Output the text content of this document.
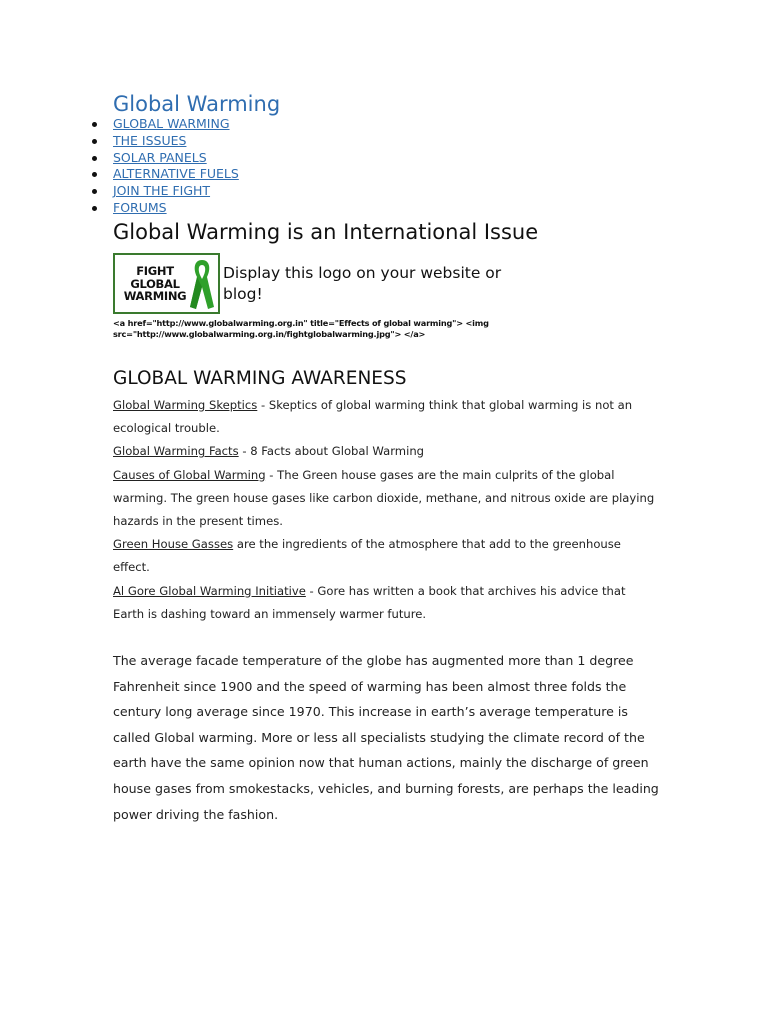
Global Warming
GLOBAL WARMING
THE ISSUES
SOLAR PANELS
ALTERNATIVE FUELS
JOIN THE FIGHT
FORUMS
Global Warming is an International Issue
FIGHT
GLOBAL
WARMING
Display this logo on your website or blog!
<a href="http://www.globalwarming.org.in" title="Effects of global warming"> <img
src="http://www.globalwarming.org.in/fightglobalwarming.jpg"> </a>
GLOBAL WARMING AWARENESS

Global Warming Skeptics - Skeptics of global warming think that global warming is not an ecological trouble.

Global Warming Facts - 8 Facts about Global Warming

Causes of Global Warming - The Green house gases are the main culprits of the global warming. The green house gases like carbon dioxide, methane, and nitrous oxide are playing hazards in the present times.

Green House Gasses are the ingredients of the atmosphere that add to the greenhouse effect.

Al Gore Global Warming Initiative - Gore has written a book that archives his advice that Earth is dashing toward an immensely warmer future.

The average facade temperature of the globe has augmented more than 1 degree Fahrenheit since 1900 and the speed of warming has been almost three folds the century long average since 1970. This increase in earth’s average temperature is called Global warming. More or less all specialists studying the climate record of the earth have the same opinion now that human actions, mainly the discharge of green house gases from smokestacks, vehicles, and burning forests, are perhaps the leading power driving the fashion.
